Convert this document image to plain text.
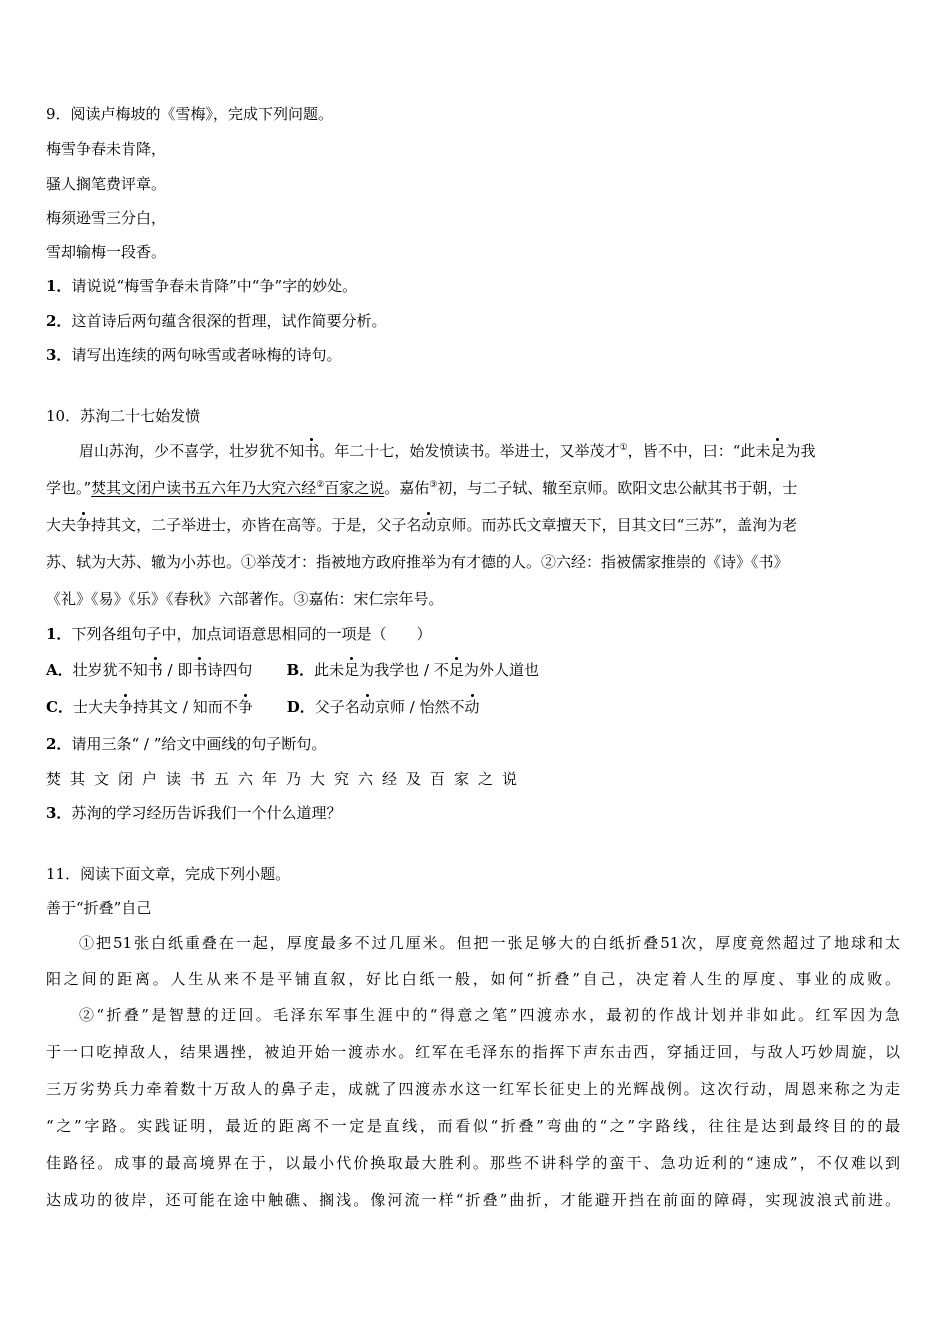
9．阅读卢梅坡的《雪梅》，完成下列问题。
梅雪争春未肯降，
骚人搁笔费评章。
梅须逊雪三分白，
雪却输梅一段香。
1．请说说“梅雪争春未肯降”中“争”字的妙处。
2．这首诗后两句蕴含很深的哲理，试作简要分析。
3．请写出连续的两句咏雪或者咏梅的诗句。
10．苏洵二十七始发愤
眉山苏洵，少不喜学，壮岁犹不知书。年二十七，始发愤读书。举进士，又举茂才①，皆不中，曰：“此未足为我
学也。”焚其文闭户读书五六年乃大究六经②百家之说。嘉佑③初，与二子轼、辙至京师。欧阳文忠公献其书于朝，士
大夫争持其文，二子举进士，亦皆在高等。于是，父子名动京师。而苏氏文章擅天下，目其文曰“三苏”，盖洵为老
苏、轼为大苏、辙为小苏也。①举茂才：指被地方政府推举为有才德的人。②六经：指被儒家推崇的《诗》《书》
《礼》《易》《乐》《春秋》六部著作。③嘉佑：宋仁宗年号。
1．下列各组句子中，加点词语意思相同的一项是（　　）
A．壮岁犹不知书 / 即书诗四句 B．此未足为我学也 / 不足为外人道也
C．士大夫争持其文 / 知而不争 D．父子名动京师 / 怡然不动
2．请用三条“ / ”给文中画线的句子断句。
焚其文闭户读书五六年乃大究六经及百家之说
3．苏洵的学习经历告诉我们一个什么道理？
11．阅读下面文章，完成下列小题。
善于“折叠”自己
①把51张白纸重叠在一起，厚度最多不过几厘米。但把一张足够大的白纸折叠51次，厚度竟然超过了地球和太
阳之间的距离。人生从来不是平铺直叙，好比白纸一般，如何“折叠”自己，决定着人生的厚度、事业的成败。
②“折叠”是智慧的迂回。毛泽东军事生涯中的“得意之笔”四渡赤水，最初的作战计划并非如此。红军因为急
于一口吃掉敌人，结果遇挫，被迫开始一渡赤水。红军在毛泽东的指挥下声东击西，穿插迂回，与敌人巧妙周旋，以
三万劣势兵力牵着数十万敌人的鼻子走，成就了四渡赤水这一红军长征史上的光辉战例。这次行动，周恩来称之为走
“之”字路。实践证明，最近的距离不一定是直线，而看似“折叠”弯曲的“之”字路线，往往是达到最终目的的最
佳路径。成事的最高境界在于，以最小代价换取最大胜利。那些不讲科学的蛮干、急功近利的“速成”，不仅难以到
达成功的彼岸，还可能在途中触礁、搁浅。像河流一样“折叠”曲折，才能避开挡在前面的障碍，实现波浪式前进。
